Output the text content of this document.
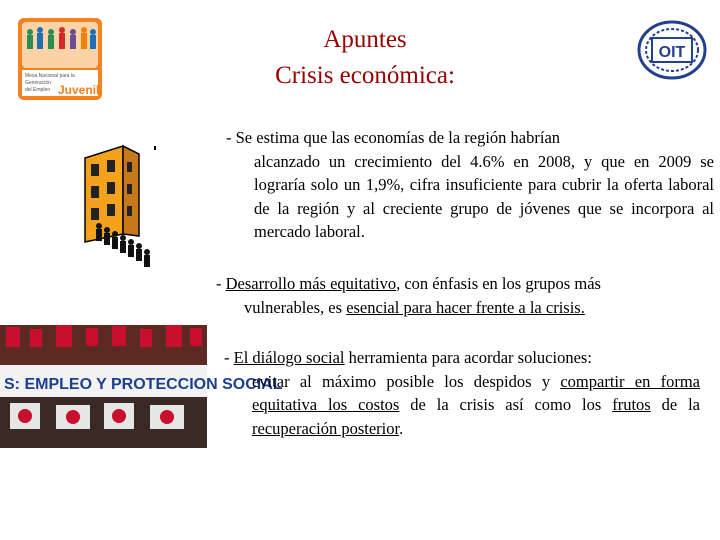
Mesa Nacional para la
Generación
del Empleo Juvenil
Apuntes
Crisis económica:
OIT
- Se estima que las economías de la región habrían
alcanzado un crecimiento del 4.6% en 2008, y que en 2009 se lograría solo un 1,9%, cifra insuficiente para cubrir la oferta laboral de la región y al creciente grupo de jóvenes que se incorpora al mercado laboral.
- Desarrollo más equitativo, con énfasis en los grupos más
vulnerables, es esencial para hacer frente a la crisis.
S: EMPLEO Y PROTECCION SOCIAL
- El diálogo social herramienta para acordar soluciones:
evitar al máximo posible los despidos y compartir en forma equitativa los costos de la crisis así como los frutos de la recuperación posterior.
